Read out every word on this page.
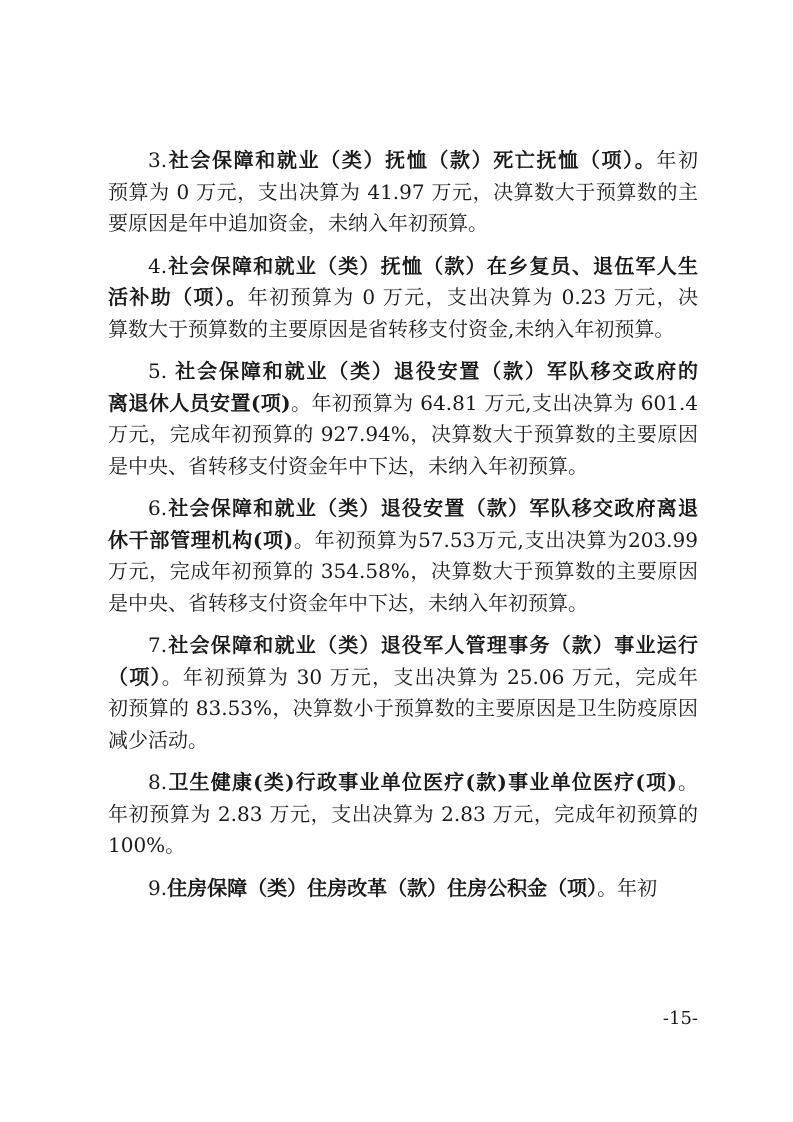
3.社会保障和就业（类）抚恤（款）死亡抚恤（项）。年初
预算为 0 万元，支出决算为 41.97 万元，决算数大于预算数的主
要原因是年中追加资金，未纳入年初预算。
4.社会保障和就业（类）抚恤（款）在乡复员、退伍军人生
活补助（项）。年初预算为 0 万元，支出决算为 0.23 万元，决
算数大于预算数的主要原因是省转移支付资金,未纳入年初预算。
5. 社会保障和就业（类）退役安置（款）军队移交政府的
离退休人员安置(项)。年初预算为 64.81 万元,支出决算为 601.4
万元，完成年初预算的 927.94%，决算数大于预算数的主要原因
是中央、省转移支付资金年中下达，未纳入年初预算。
6.社会保障和就业（类）退役安置（款）军队移交政府离退
休干部管理机构(项)。年初预算为57.53万元,支出决算为203.99
万元，完成年初预算的 354.58%，决算数大于预算数的主要原因
是中央、省转移支付资金年中下达，未纳入年初预算。
7.社会保障和就业（类）退役军人管理事务（款）事业运行
（项）。年初预算为 30 万元，支出决算为 25.06 万元，完成年
初预算的 83.53%，决算数小于预算数的主要原因是卫生防疫原因
减少活动。
8.卫生健康(类)行政事业单位医疗(款)事业单位医疗(项)。
年初预算为 2.83 万元，支出决算为 2.83 万元，完成年初预算的
100%。
9.住房保障（类）住房改革（款）住房公积金（项）。年初
-15-
